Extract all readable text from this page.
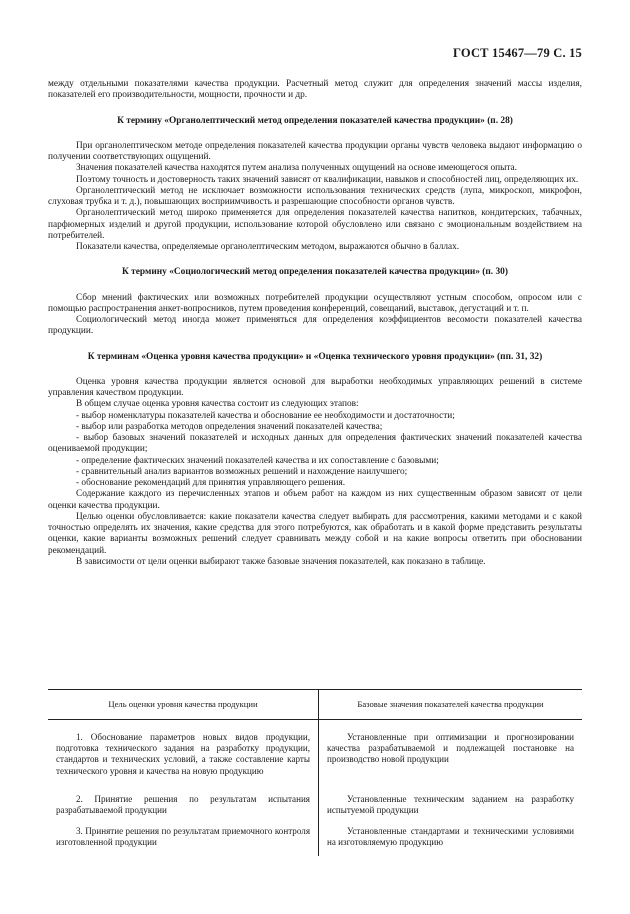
ГОСТ 15467—79 С. 15

между отдельными показателями качества продукции. Расчетный метод служит для определения значений массы изделия, показателей его производительности, мощности, прочности и др.

К термину «Органолептический метод определения показателей качества продукции» (п. 28)

При органолептическом методе определения показателей качества продукции органы чувств человека выдают информацию о получении соответствующих ощущений.

Значения показателей качества находятся путем анализа полученных ощущений на основе имеющегося опыта.

Поэтому точность и достоверность таких значений зависят от квалификации, навыков и способностей лиц, определяющих их.

Органолептический метод не исключает возможности использования технических средств (лупа, микроскоп, микрофон, слуховая трубка и т. д.), повышающих восприимчивость и разрешающие способности органов чувств.

Органолептический метод широко применяется для определения показателей качества напитков, кондитерских, табачных, парфюмерных изделий и другой продукции, использование которой обусловлено или связано с эмоциональным воздействием на потребителей.

Показатели качества, определяемые органолептическим методом, выражаются обычно в баллах.

К термину «Социологический метод определения показателей качества продукции» (п. 30)

Сбор мнений фактических или возможных потребителей продукции осуществляют устным способом, опросом или с помощью распространения анкет-вопросников, путем проведения конференций, совещаний, выставок, дегустаций и т. п.

Социологический метод иногда может применяться для определения коэффициентов весомости показателей качества продукции.

К терминам «Оценка уровня качества продукции» и «Оценка технического уровня продукции» (пп. 31, 32)

Оценка уровня качества продукции является основой для выработки необходимых управляющих решений в системе управления качеством продукции.

В общем случае оценка уровня качества состоит из следующих этапов:

- выбор номенклатуры показателей качества и обоснование ее необходимости и достаточности;

- выбор или разработка методов определения значений показателей качества;

- выбор базовых значений показателей и исходных данных для определения фактических значений показателей качества оцениваемой продукции;

- определение фактических значений показателей качества и их сопоставление с базовыми;

- сравнительный анализ вариантов возможных решений и нахождение наилучшего;

- обоснование рекомендаций для принятия управляющего решения.

Содержание каждого из перечисленных этапов и объем работ на каждом из них существенным образом зависят от цели оценки качества продукции.

Целью оценки обусловливается: какие показатели качества следует выбирать для рассмотрения, какими методами и с какой точностью определять их значения, какие средства для этого потребуются, как обработать и в какой форме представить результаты оценки, какие варианты возможных решений следует сравнивать между собой и на какие вопросы ответить при обосновании рекомендаций.

В зависимости от цели оценки выбирают также базовые значения показателей, как показано в таблице.

Цель оценки уровня качества продукции	Базовые значения показателей качества продукции

1. Обоснование параметров новых видов продукции, подготовка технического задания на разработку продукции, стандартов и технических условий, а также составление карты технического уровня и качества на новую продукцию	Установленные при оптимизации и прогнозировании качества разрабатываемой и подлежащей постановке на производство новой продукции

2. Принятие решения по результатам испытания разрабатываемой продукции	Установленные техническим заданием на разработку испытуемой продукции

3. Принятие решения по результатам приемочного контроля изготовленной продукции	Установленные стандартами и техническими условиями на изготовляемую продукцию
